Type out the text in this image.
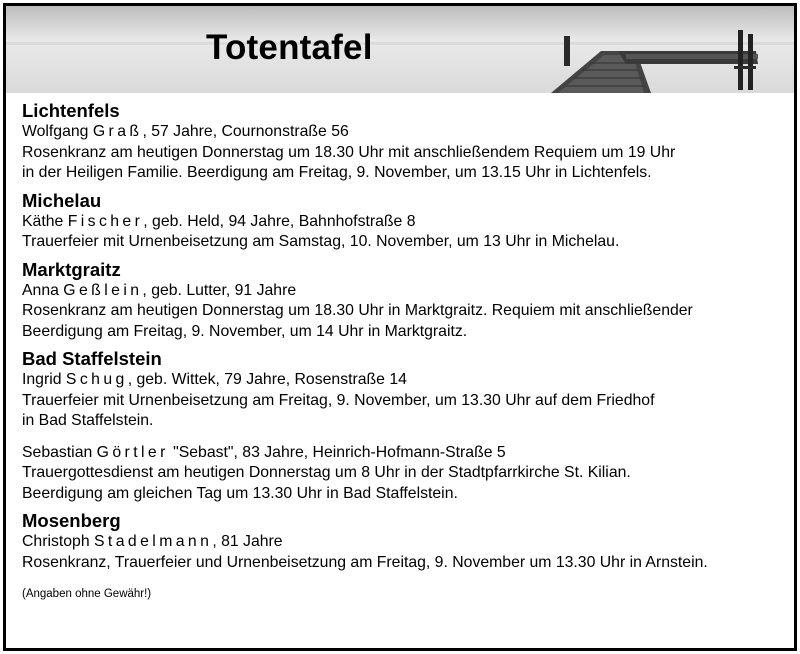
Totentafel
Lichtenfels
Wolfgang Graß, 57 Jahre, Cournonstraße 56
Rosenkranz am heutigen Donnerstag um 18.30 Uhr mit anschließendem Requiem um 19 Uhr
in der Heiligen Familie. Beerdigung am Freitag, 9. November, um 13.15 Uhr in Lichtenfels.
Michelau
Käthe Fischer, geb. Held, 94 Jahre, Bahnhofstraße 8
Trauerfeier mit Urnenbeisetzung am Samstag, 10. November, um 13 Uhr in Michelau.
Marktgraitz
Anna Geßlein, geb. Lutter, 91 Jahre
Rosenkranz am heutigen Donnerstag um 18.30 Uhr in Marktgraitz. Requiem mit anschließender
Beerdigung am Freitag, 9. November, um 14 Uhr in Marktgraitz.
Bad Staffelstein
Ingrid Schug, geb. Wittek, 79 Jahre, Rosenstraße 14
Trauerfeier mit Urnenbeisetzung am Freitag, 9. November, um 13.30 Uhr auf dem Friedhof
in Bad Staffelstein.
Sebastian Görtler "Sebast", 83 Jahre, Heinrich-Hofmann-Straße 5
Trauergottesdienst am heutigen Donnerstag um 8 Uhr in der Stadtpfarrkirche St. Kilian.
Beerdigung am gleichen Tag um 13.30 Uhr in Bad Staffelstein.
Mosenberg
Christoph Stadelmann, 81 Jahre
Rosenkranz, Trauerfeier und Urnenbeisetzung am Freitag, 9. November um 13.30 Uhr in Arnstein.
(Angaben ohne Gewähr!)
